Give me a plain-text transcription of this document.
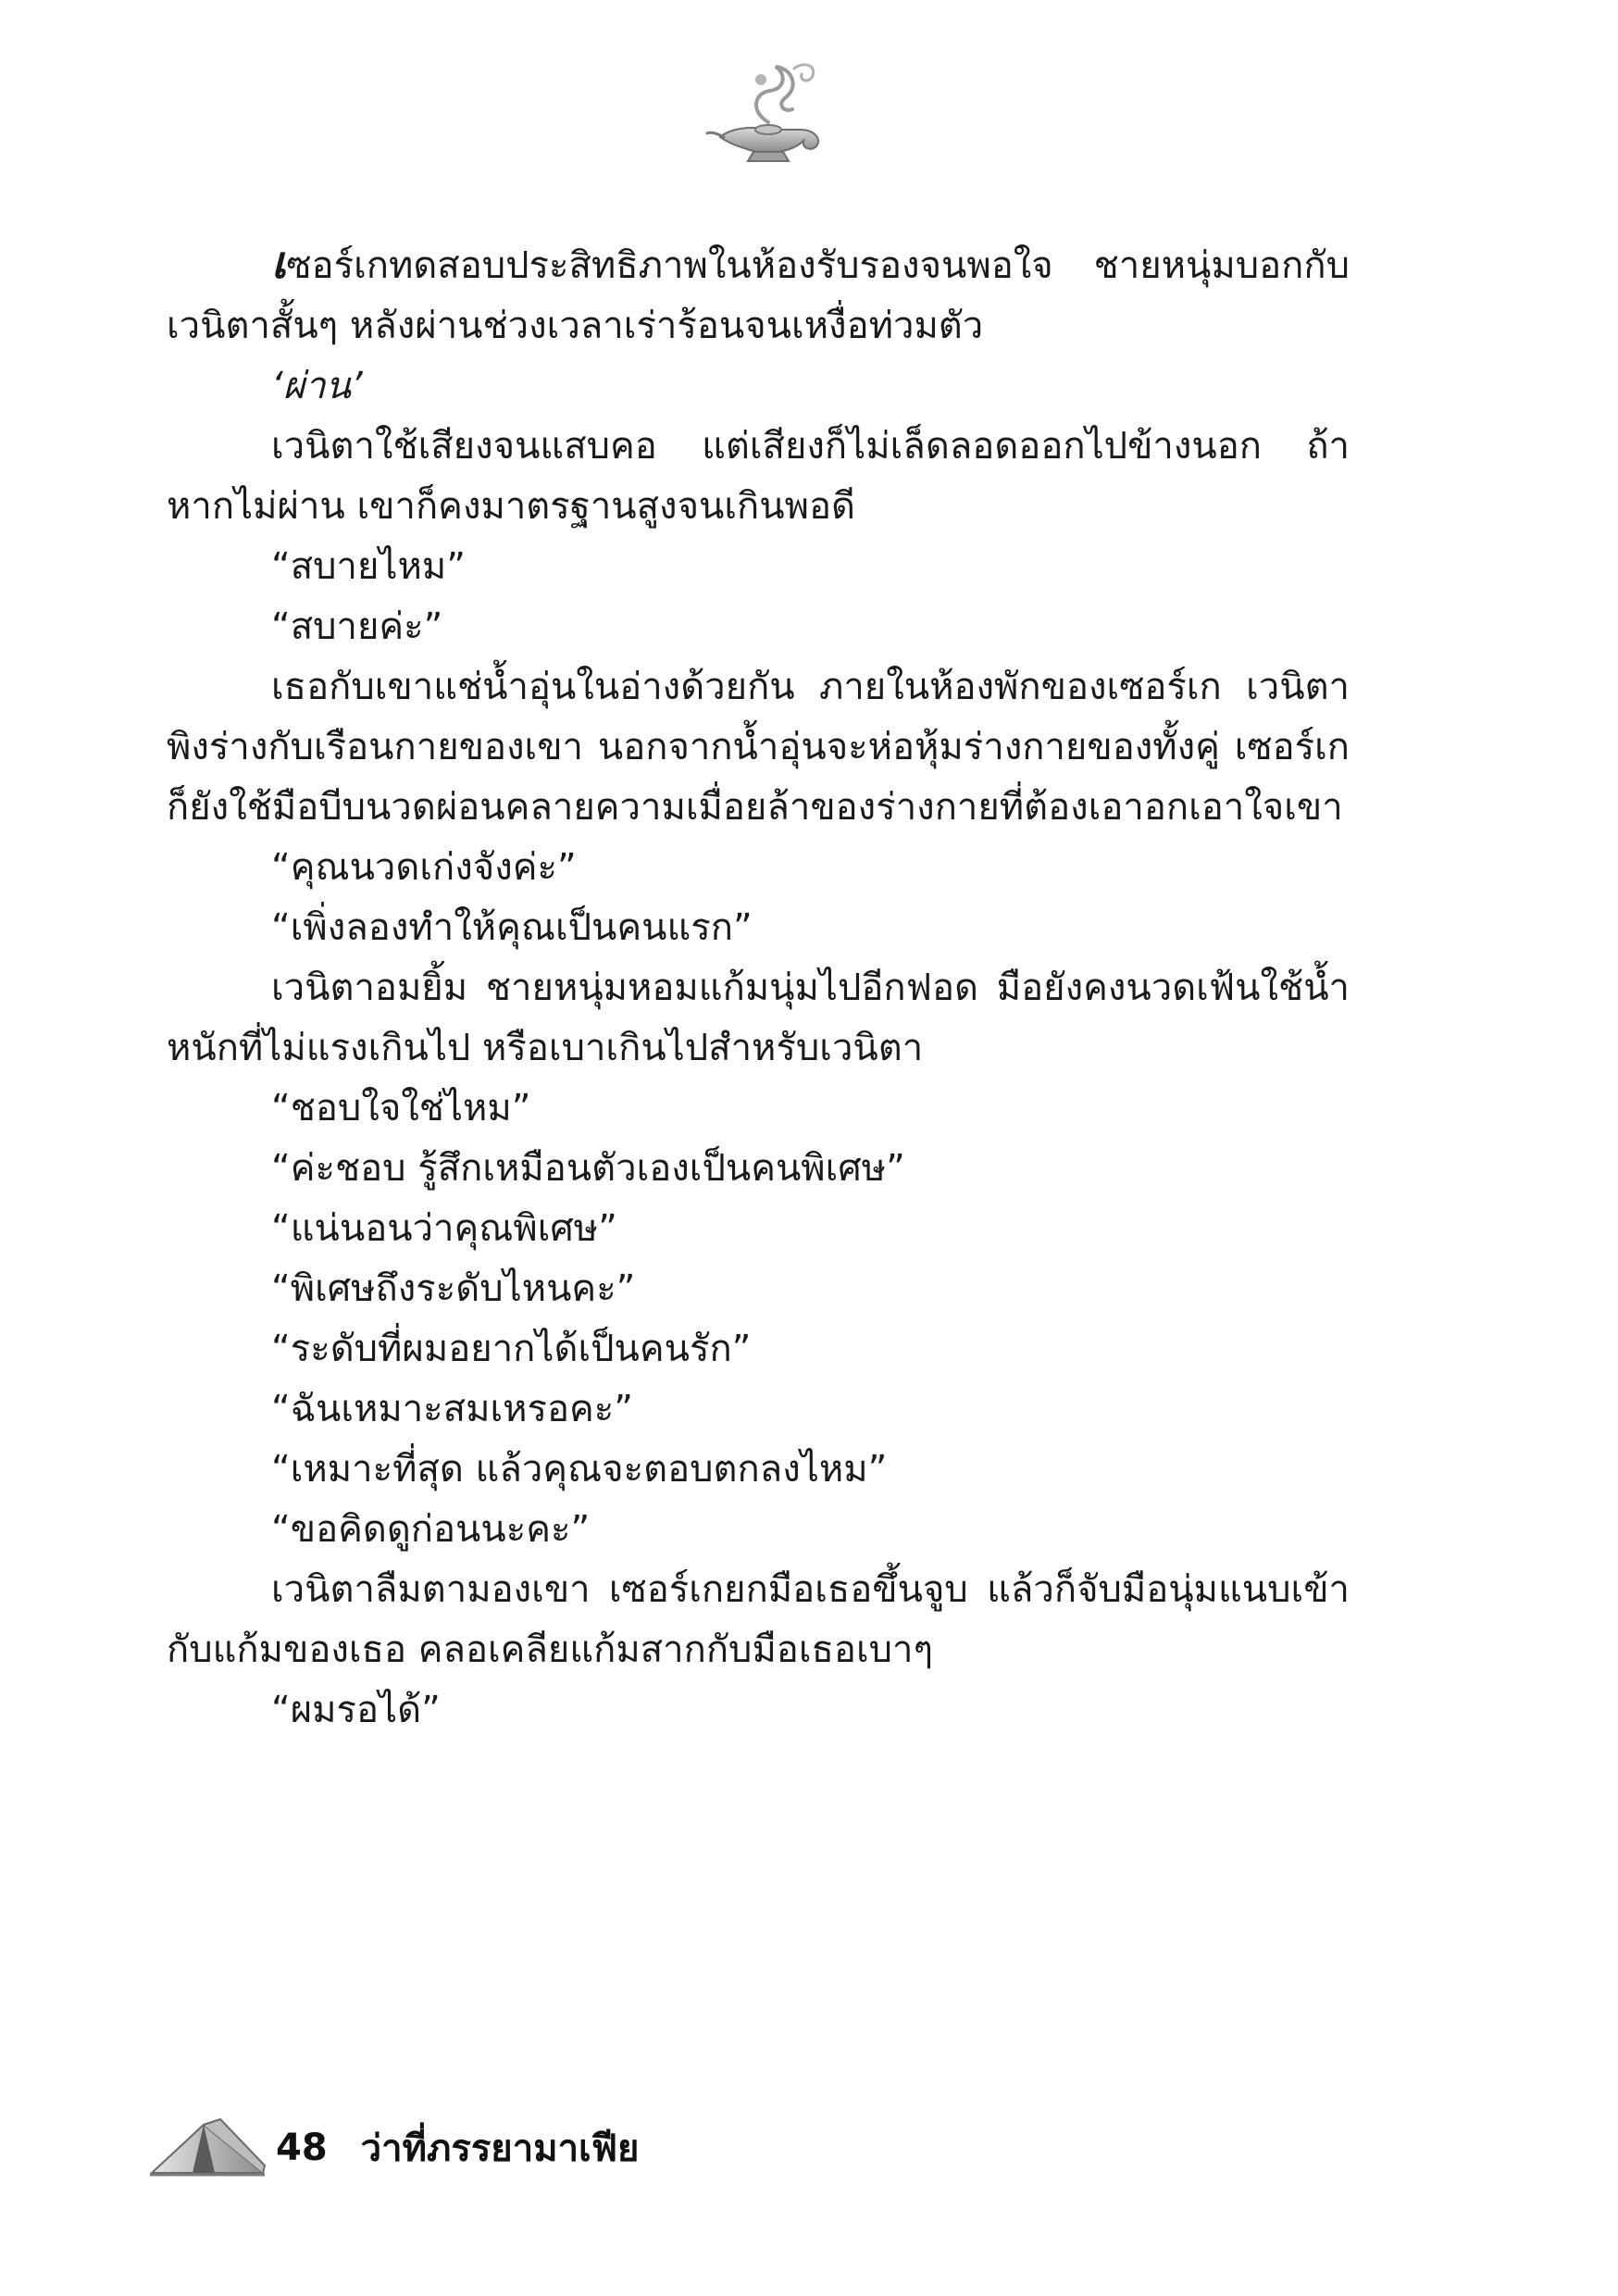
เซอร์เกทดสอบประสิทธิภาพในห้องรับรองจนพอใจ ชายหนุ่มบอกกับเวนิตาสั้นๆ หลังผ่านช่วงเวลาเร่าร้อนจนเหงื่อท่วมตัว

‘ผ่าน’

เวนิตาใช้เสียงจนแสบคอ แต่เสียงก็ไม่เล็ดลอดออกไปข้างนอก ถ้าหากไม่ผ่าน เขาก็คงมาตรฐานสูงจนเกินพอดี

“สบายไหม”

“สบายค่ะ”

เธอกับเขาแช่น้ำอุ่นในอ่างด้วยกัน ภายในห้องพักของเซอร์เก เวนิตาพิงร่างกับเรือนกายของเขา นอกจากน้ำอุ่นจะห่อหุ้มร่างกายของทั้งคู่ เซอร์เกก็ยังใช้มือบีบนวดผ่อนคลายความเมื่อยล้าของร่างกายที่ต้องเอาอกเอาใจเขา

“คุณนวดเก่งจังค่ะ”

“เพิ่งลองทำให้คุณเป็นคนแรก”

เวนิตาอมยิ้ม ชายหนุ่มหอมแก้มนุ่มไปอีกฟอด มือยังคงนวดเฟ้นใช้น้ำหนักที่ไม่แรงเกินไป หรือเบาเกินไปสำหรับเวนิตา

“ชอบใจใช่ไหม”

“ค่ะชอบ รู้สึกเหมือนตัวเองเป็นคนพิเศษ”

“แน่นอนว่าคุณพิเศษ”

“พิเศษถึงระดับไหนคะ”

“ระดับที่ผมอยากได้เป็นคนรัก”

“ฉันเหมาะสมเหรอคะ”

“เหมาะที่สุด แล้วคุณจะตอบตกลงไหม”

“ขอคิดดูก่อนนะคะ”

เวนิตาลืมตามองเขา เซอร์เกยกมือเธอขึ้นจูบ แล้วก็จับมือนุ่มแนบเข้ากับแก้มของเธอ คลอเคลียแก้มสากกับมือเธอเบาๆ

“ผมรอได้”

48 ว่าที่ภรรยามาเฟีย
